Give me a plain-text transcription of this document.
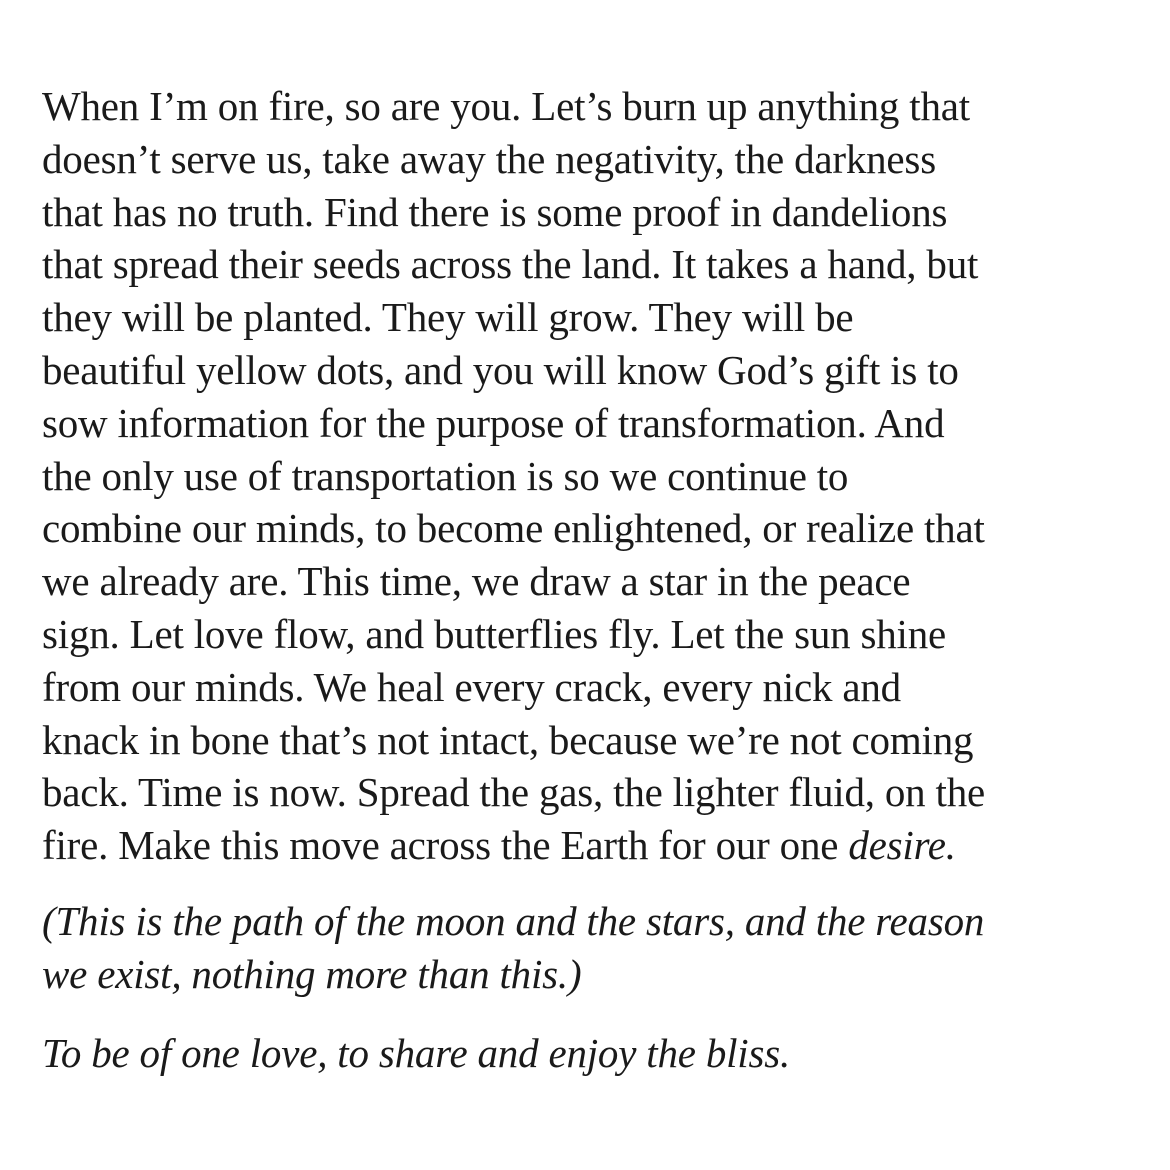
When I’m on fire, so are you. Let’s burn up anything that
doesn’t serve us, take away the negativity, the darkness
that has no truth. Find there is some proof in dandelions
that spread their seeds across the land. It takes a hand, but
they will be planted. They will grow. They will be
beautiful yellow dots, and you will know God’s gift is to
sow information for the purpose of transformation. And
the only use of transportation is so we continue to
combine our minds, to become enlightened, or realize that
we already are. This time, we draw a star in the peace
sign. Let love flow, and butterflies fly. Let the sun shine
from our minds. We heal every crack, every nick and
knack in bone that’s not intact, because we’re not coming
back. Time is now. Spread the gas, the lighter fluid, on the
fire. Make this move across the Earth for our one desire.
(This is the path of the moon and the stars, and the reason
we exist, nothing more than this.)
To be of one love, to share and enjoy the bliss.
